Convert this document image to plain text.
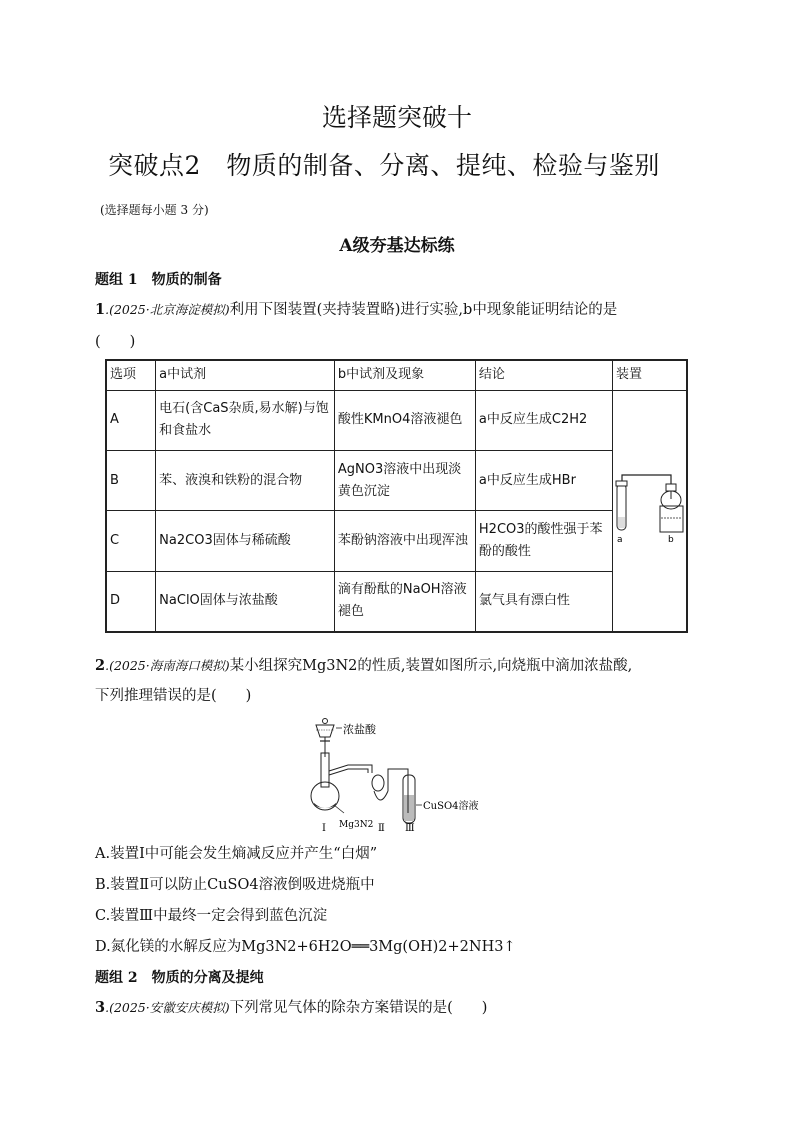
选择题突破十
突破点2　物质的制备、分离、提纯、检验与鉴别
(选择题每小题 3 分)
A级夯基达标练
题组 1　物质的制备
1.(2025·北京海淀模拟)利用下图装置(夹持装置略)进行实验,b中现象能证明结论的是
(　　)
选项	a中试剂	b中试剂及现象	结论	装置
A	电石(含CaS杂质,易水解)与饱和食盐水	酸性KMnO4溶液褪色	a中反应生成C2H2	a b

B	苯、液溴和铁粉的混合物	AgNO3溶液中出现淡黄色沉淀	a中反应生成HBr	
C	Na2CO3固体与稀硫酸	苯酚钠溶液中出现浑浊	H2CO3的酸性强于苯酚的酸性	
D	NaClO固体与浓盐酸	滴有酚酞的NaOH溶液褪色	氯气具有漂白性	
2.(2025·海南海口模拟)某小组探究Mg3N2的性质,装置如图所示,向烧瓶中滴加浓盐酸,
下列推理错误的是(　　)
浓盐酸
Mg3N2
CuSO4溶液
Ⅰ	Ⅱ Ⅲ
A.装置Ⅰ中可能会发生熵减反应并产生“白烟”
B.装置Ⅱ可以防止CuSO4溶液倒吸进烧瓶中
C.装置Ⅲ中最终一定会得到蓝色沉淀
D.氮化镁的水解反应为Mg3N2+6H2O══3Mg(OH)2+2NH3↑
题组 2　物质的分离及提纯
3.(2025·安徽安庆模拟)下列常见气体的除杂方案错误的是(　　)
